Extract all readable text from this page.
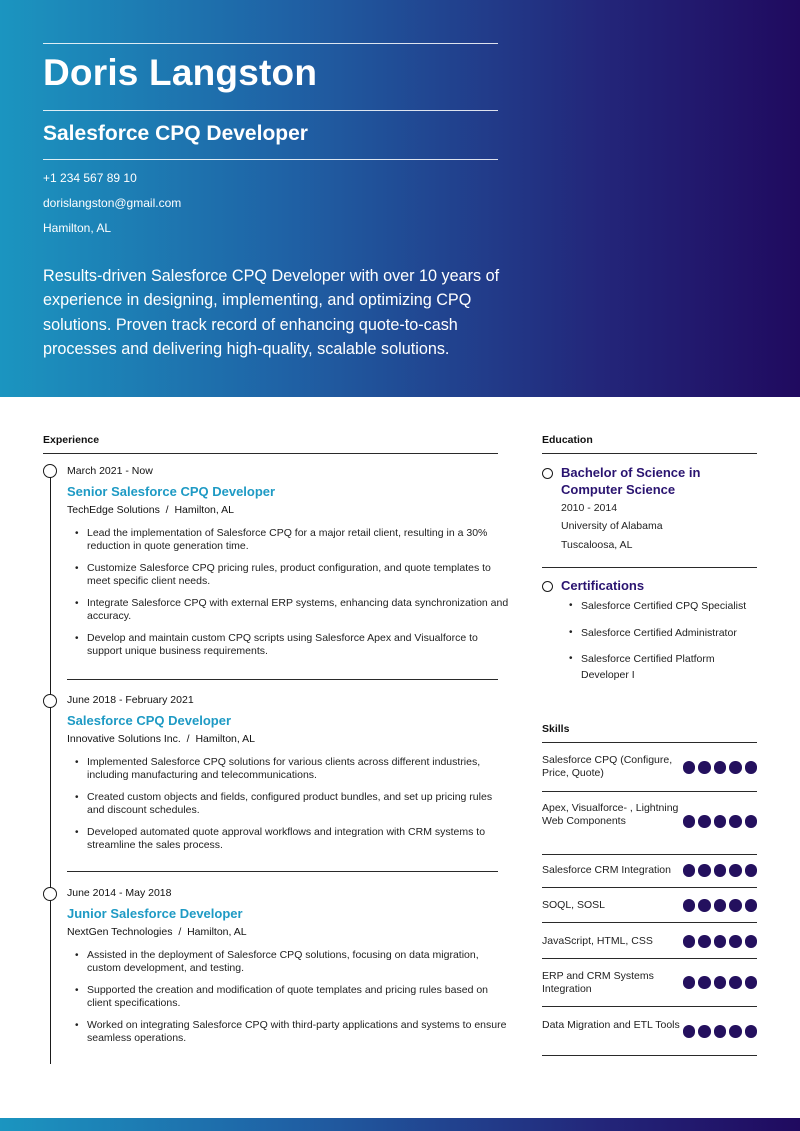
Doris Langston
Salesforce CPQ Developer
+1 234 567 89 10
dorislangston@gmail.com
Hamilton, AL
Results-driven Salesforce CPQ Developer with over 10 years of experience in designing, implementing, and optimizing CPQ solutions. Proven track record of enhancing quote-to-cash processes and delivering high-quality, scalable solutions.
Experience
March 2021 - Now
Senior Salesforce CPQ Developer
TechEdge Solutions / Hamilton, AL
• Lead the implementation of Salesforce CPQ for a major retail client, resulting in a 30% reduction in quote generation time.
• Customize Salesforce CPQ pricing rules, product configuration, and quote templates to meet specific client needs.
• Integrate Salesforce CPQ with external ERP systems, enhancing data synchronization and accuracy.
• Develop and maintain custom CPQ scripts using Salesforce Apex and Visualforce to support unique business requirements.
June 2018 - February 2021
Salesforce CPQ Developer
Innovative Solutions Inc. / Hamilton, AL
• Implemented Salesforce CPQ solutions for various clients across different industries, including manufacturing and telecommunications.
• Created custom objects and fields, configured product bundles, and set up pricing rules and discount schedules.
• Developed automated quote approval workflows and integration with CRM systems to streamline the sales process.
June 2014 - May 2018
Junior Salesforce Developer
NextGen Technologies / Hamilton, AL
• Assisted in the deployment of Salesforce CPQ solutions, focusing on data migration, custom development, and testing.
• Supported the creation and modification of quote templates and pricing rules based on client specifications.
• Worked on integrating Salesforce CPQ with third-party applications and systems to ensure seamless operations.
Education
Bachelor of Science in
Computer Science
2010 - 2014
University of Alabama
Tuscaloosa, AL
Certifications
• Salesforce Certified CPQ Specialist
• Salesforce Certified Administrator
• Salesforce Certified Platform Developer I
Skills
Salesforce CPQ (Configure, Price, Quote)
Apex, Visualforce- , Lightning Web Components
Salesforce CRM Integration
SOQL, SOSL
JavaScript, HTML, CSS
ERP and CRM Systems Integration
Data Migration and ETL Tools
